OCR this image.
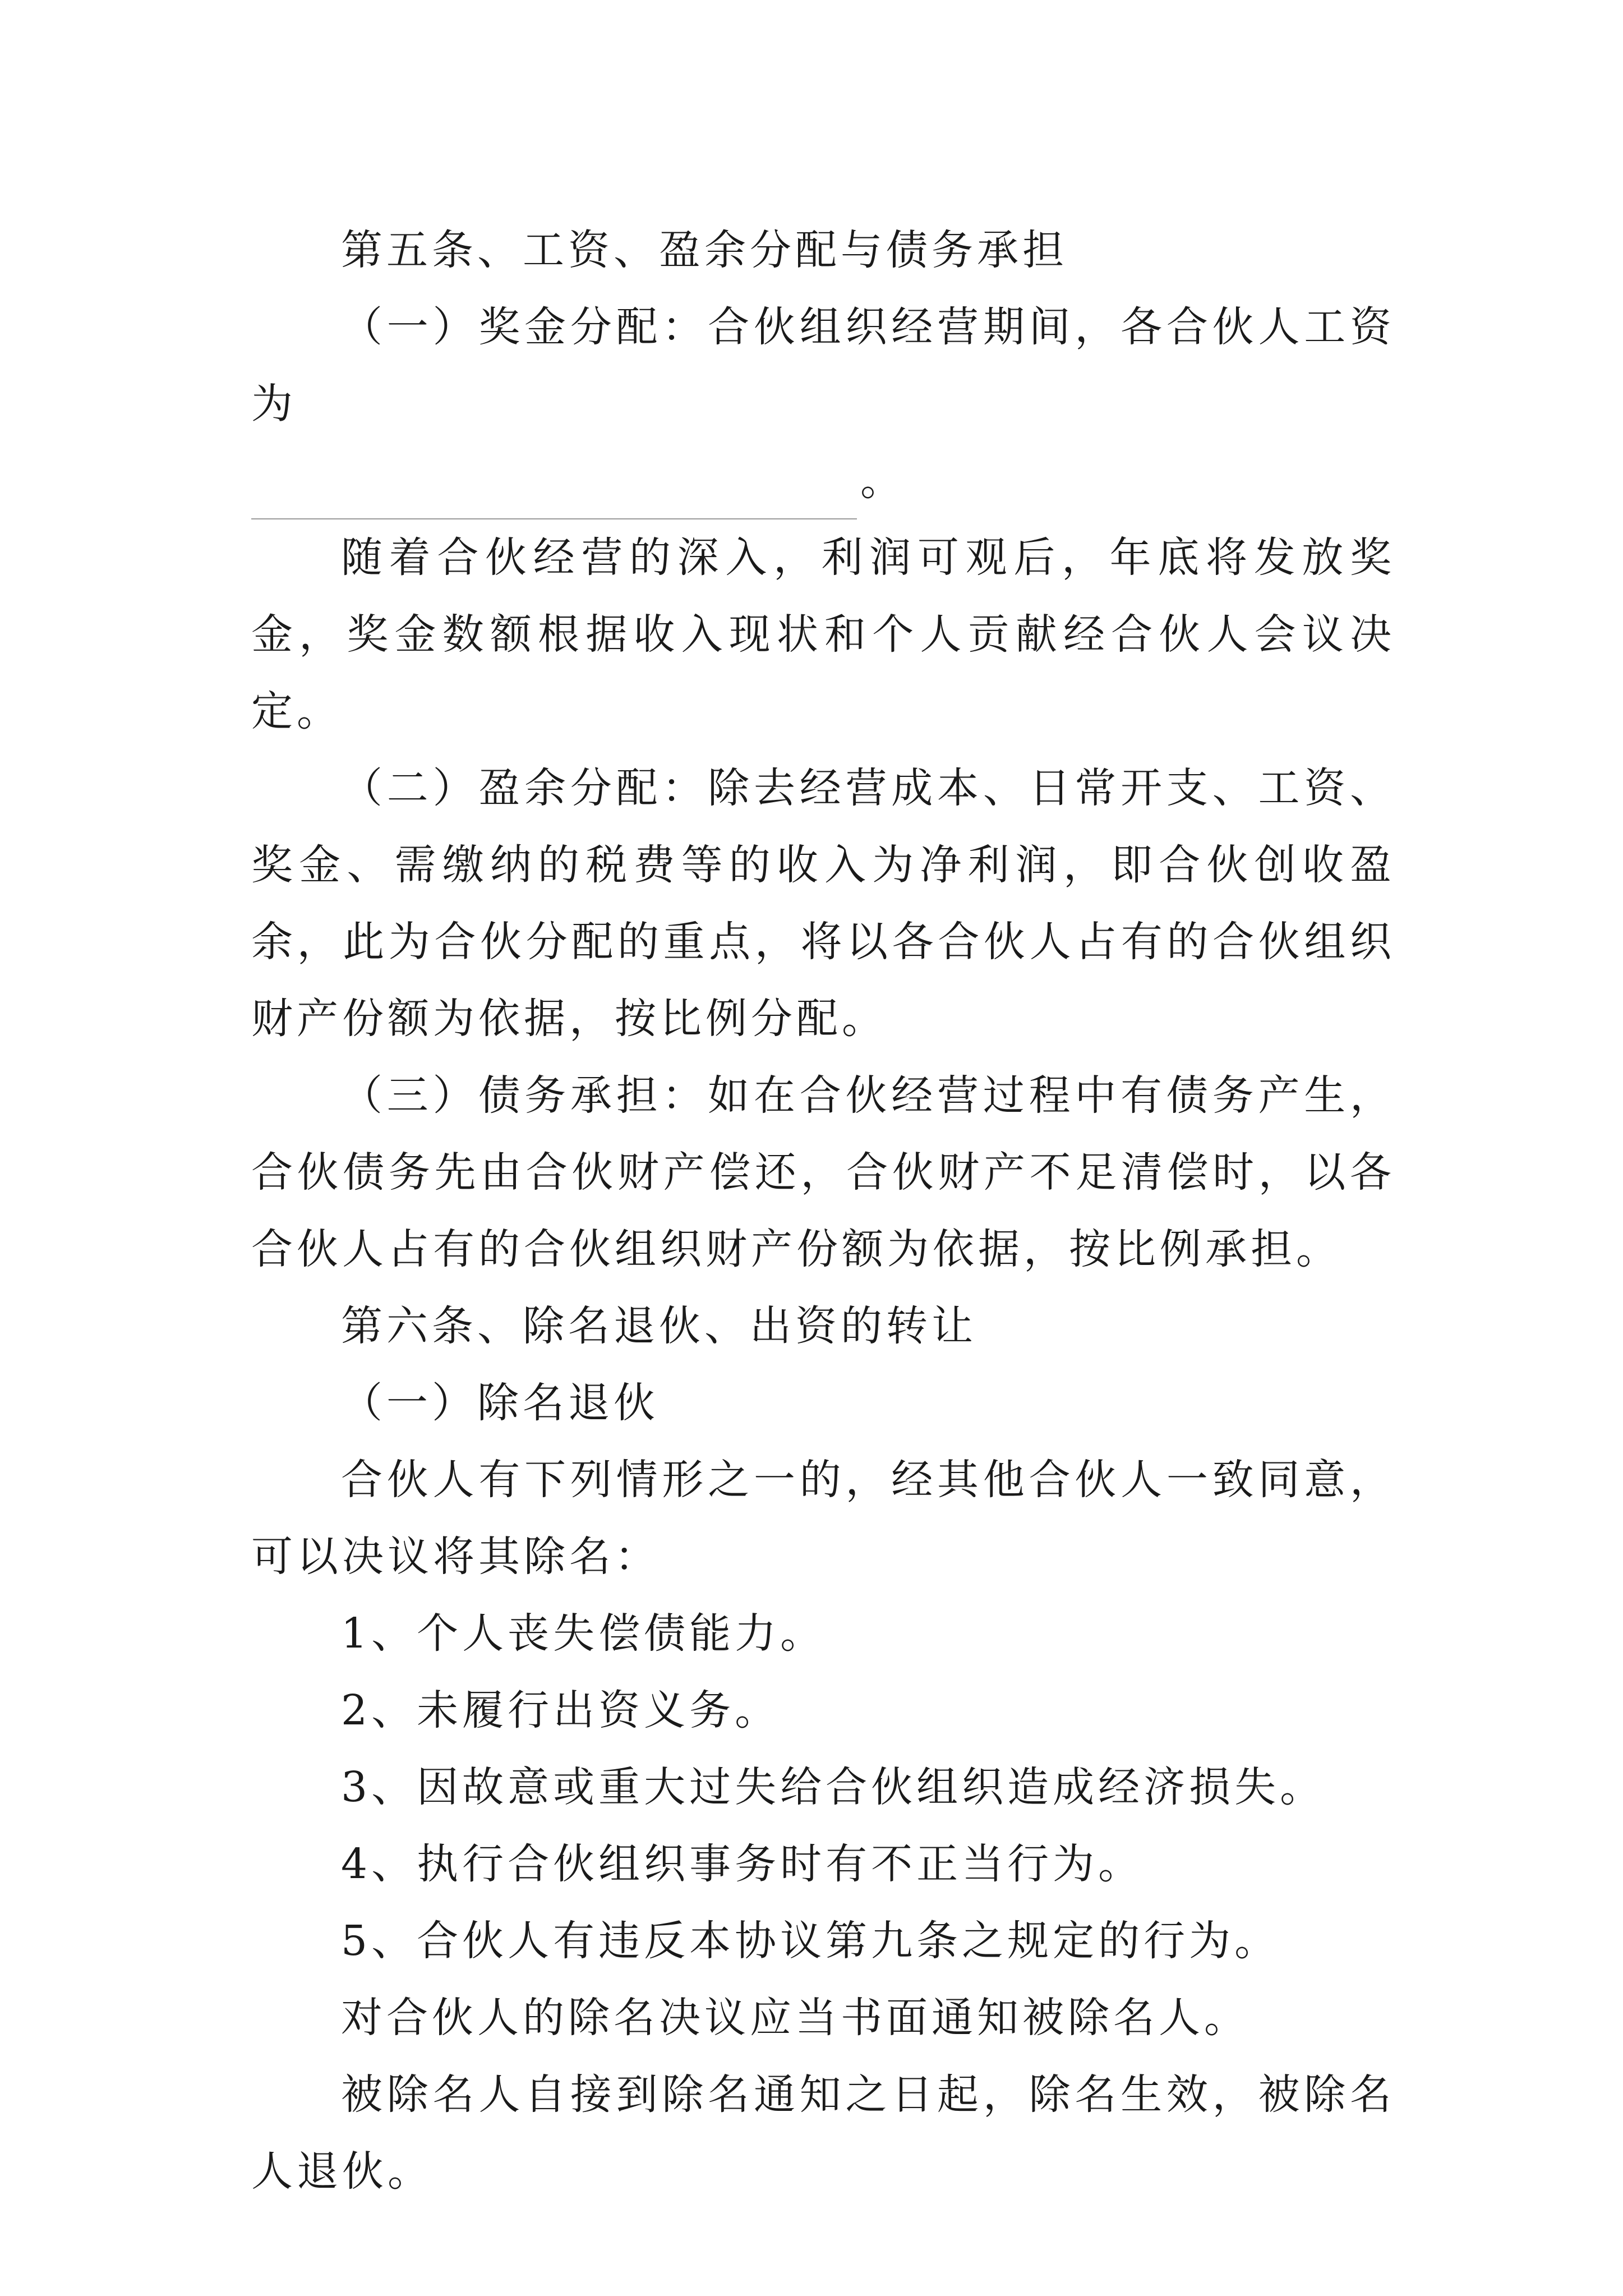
第五条、工资、盈余分配与债务承担

（一）奖金分配：合伙组织经营期间，各合伙人工资为

。

随着合伙经营的深入，利润可观后，年底将发放奖金，奖金数额根据收入现状和个人贡献经合伙人会议决定。

（二）盈余分配：除去经营成本、日常开支、工资、奖金、需缴纳的税费等的收入为净利润，即合伙创收盈余，此为合伙分配的重点，将以各合伙人占有的合伙组织财产份额为依据，按比例分配。

（三）债务承担：如在合伙经营过程中有债务产生，合伙债务先由合伙财产偿还，合伙财产不足清偿时，以各合伙人占有的合伙组织财产份额为依据，按比例承担。

第六条、除名退伙、出资的转让

（一）除名退伙

合伙人有下列情形之一的，经其他合伙人一致同意，可以决议将其除名：

1、个人丧失偿债能力。

2、未履行出资义务。

3、因故意或重大过失给合伙组织造成经济损失。

4、执行合伙组织事务时有不正当行为。

5、合伙人有违反本协议第九条之规定的行为。

对合伙人的除名决议应当书面通知被除名人。

被除名人自接到除名通知之日起，除名生效，被除名人退伙。
